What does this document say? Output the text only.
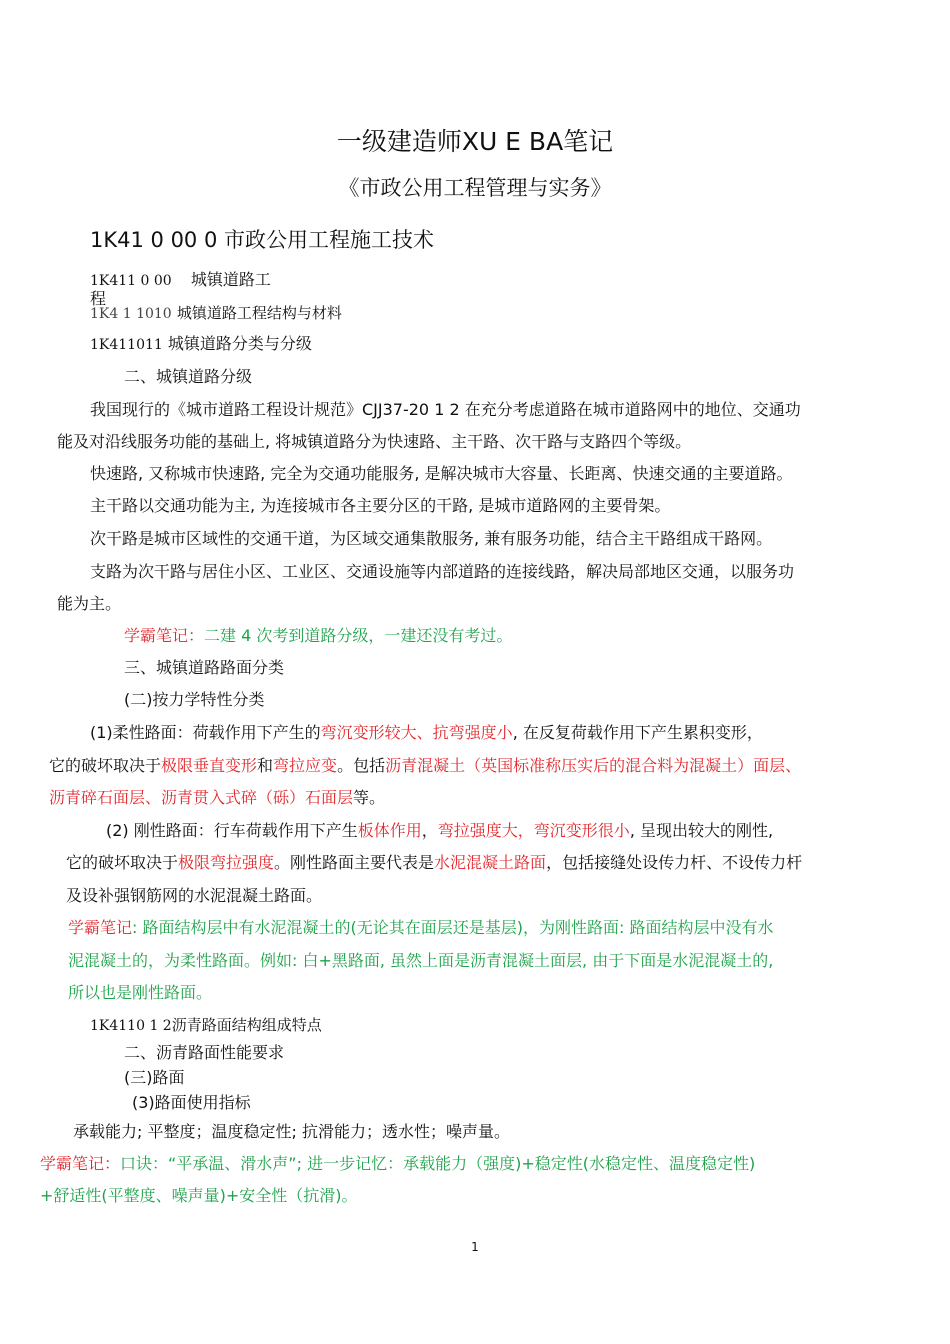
一级建造师XU E BA笔记
《市政公用工程管理与实务》
1K41 0 00 0 市政公用工程施工技术
1K411 0 00 城镇道路工
程
1K4 1 1010 城镇道路工程结构与材料
1K411011 城镇道路分类与分级
二、城镇道路分级
我国现行的《城市道路工程设计规范》CJJ37-20 1 2 在充分考虑道路在城市道路网中的地位、交通功
能及对沿线服务功能的基础上, 将城镇道路分为快速路、主干路、次干路与支路四个等级。
快速路, 又称城市快速路, 完全为交通功能服务, 是解决城市大容量、长距离、快速交通的主要道路。
主干路以交通功能为主, 为连接城市各主要分区的干路, 是城市道路网的主要骨架。
次干路是城市区域性的交通干道，为区域交通集散服务, 兼有服务功能，结合主干路组成干路网。
支路为次干路与居住小区、工业区、交通设施等内部道路的连接线路，解决局部地区交通，以服务功
能为主。
学霸笔记：二建 4 次考到道路分级，一建还没有考过。
三、城镇道路路面分类
(二)按力学特性分类
(1)柔性路面：荷载作用下产生的弯沉变形较大、抗弯强度小, 在反复荷载作用下产生累积变形，
它的破坏取决于极限垂直变形和弯拉应变。包括沥青混凝土（英国标准称压实后的混合料为混凝土）面层、
沥青碎石面层、沥青贯入式碎（砾）石面层等。
(2) 刚性路面：行车荷载作用下产生板体作用，弯拉强度大，弯沉变形很小, 呈现出较大的刚性,
它的破坏取决于极限弯拉强度。刚性路面主要代表是水泥混凝土路面，包括接缝处设传力杆、不设传力杆
及设补强钢筋网的水泥混凝土路面。
学霸笔记: 路面结构层中有水泥混凝土的(无论其在面层还是基层)，为刚性路面: 路面结构层中没有水
泥混凝土的，为柔性路面。例如: 白+黑路面, 虽然上面是沥青混凝土面层, 由于下面是水泥混凝土的,
所以也是刚性路面。
1K4110 1 2沥青路面结构组成特点
二、沥青路面性能要求
(三)路面
(3)路面使用指标
承载能力; 平整度；温度稳定性; 抗滑能力；透水性；噪声量。
学霸笔记：口诀：“平承温、滑水声”; 进一步记忆：承载能力（强度)+稳定性(水稳定性、温度稳定性)
+舒适性(平整度、噪声量)+安全性（抗滑)。
1
